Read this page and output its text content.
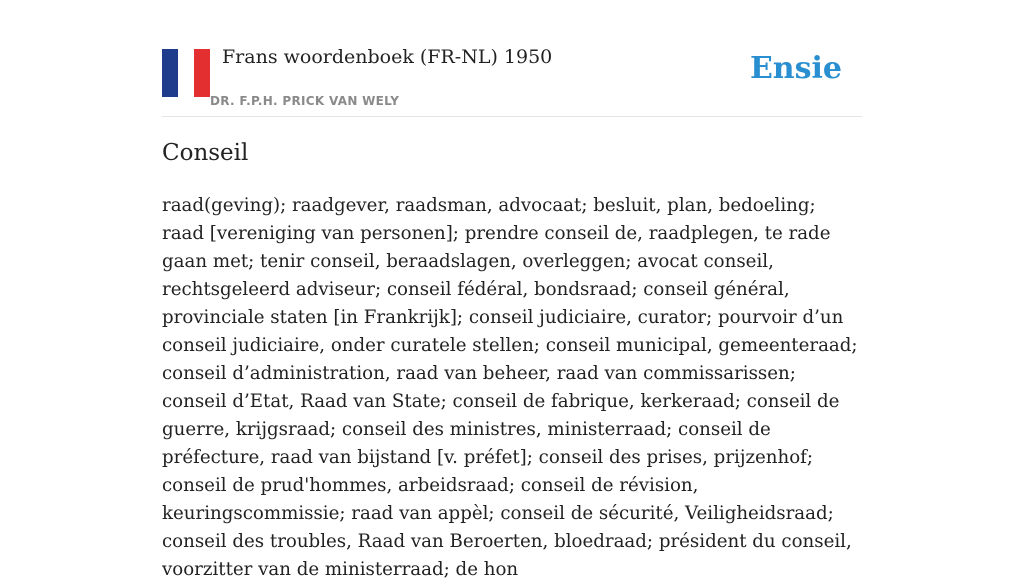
Frans woordenboek (FR-NL) 1950
DR. F.P.H. PRICK VAN WELY
Ensie
Conseil

raad(geving); raadgever, raadsman, advocaat; besluit, plan, bedoeling; raad [vereniging van personen]; prendre conseil de, raadplegen, te rade gaan met; tenir conseil, beraadslagen, overleggen; avocat conseil, rechtsgeleerd adviseur; conseil fédéral, bondsraad; conseil général, provinciale staten [in Frankrijk]; conseil judiciaire, curator; pourvoir d’un conseil judiciaire, onder curatele stellen; conseil municipal, gemeenteraad; conseil d’administration, raad van beheer, raad van commissarissen; conseil d’Etat, Raad van State; conseil de fabrique, kerkeraad; conseil de guerre, krijgsraad; conseil des ministres, ministerraad; conseil de préfecture, raad van bijstand [v. préfet]; conseil des prises, prijzenhof; conseil de prud'hommes, arbeidsraad; conseil de révision, keuringscommissie; raad van appèl; conseil de sécurité, Veiligheidsraad; conseil des troubles, Raad van Beroerten, bloedraad; président du conseil, voorzitter van de ministerraad; de hon
